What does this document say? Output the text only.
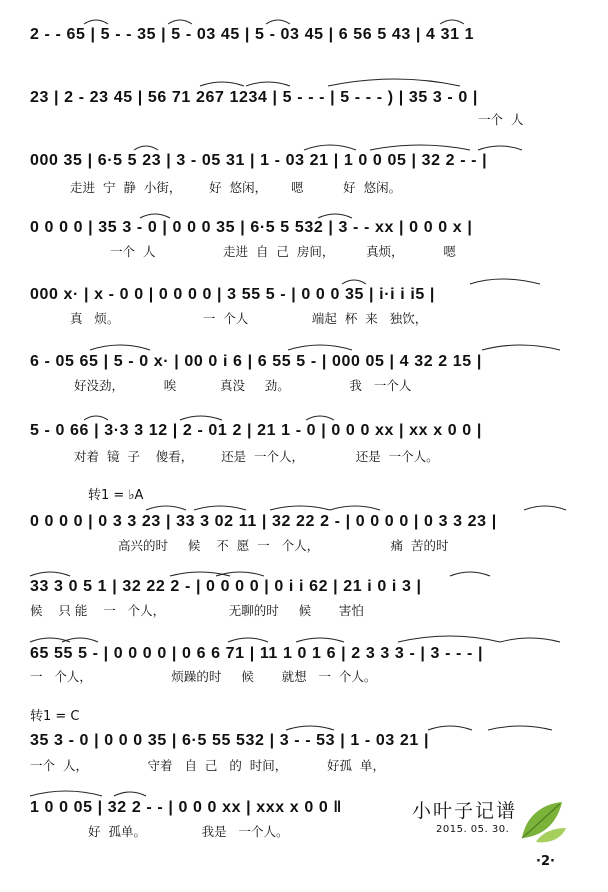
2 - - 65 | 5 - - 35 | 5 - 03 45 | 5 - 03 45 | 6 56 5 43 | 4 31 1
23 | 2 - 23 45 | 56 71 267 1234 | 5 - - - | 5 - - - ) | 35 3 - 0 |
一个  人
000 35 | 6·5 5 23 | 3 - 05 31 | 1 - 03 21 | 1 0 0 05 | 32 2 - - |
走进  宁  静  小街，       好  悠闲，      嗯          好  悠闲。
0 0 0 0 | 35 3 - 0 | 0 0 0 35 | 6·5 5 532 | 3 - - xx | 0 0 0 x |
一个  人                 走进  自  己  房间，        真烦，          嗯
000 x· | x - 0 0 | 0 0 0 0 | 3 55 5 - | 0 0 0 35 | i·i i i5 |
真   烦。                     一  个人                端起  杯  来   独饮，
6 - 05 65 | 5 - 0 x· | 00 0 i 6 | 6 55 5 - | 000 05 | 4 32 2 15 |
好没劲，          唉           真没     劲。               我   一个人
5 - 0 66 | 3·3 3 12 | 2 - 01 2 | 21 1 - 0 | 0 0 0 xx | xx x 0 0 |
对着  镜  子    傻看，       还是  一个人，             还是  一个人。
转1 = ♭A
0 0 0 0 | 0 3 3 23 | 33 3 02 11 | 32 22 2 - | 0 0 0 0 | 0 3 3 23 |
高兴的时     候    不  愿  一   个人，                  痛  苦的时
33 3 0 5 1 | 32 22 2 - | 0 0 0 0 | 0 i i 62 | 21 i 0 i 3 |
候    只 能    一   个人，                无聊的时     候       害怕
65 55 5 - | 0 0 0 0 | 0 6 6 71 | 11 1 0 1 6 | 2 3 3 3 - | 3 - - - |
一   个人，                    烦躁的时     候       就想   一  个人。
转1 = C
35 3 - 0 | 0 0 0 35 | 6·5 55 532 | 3 - - 53 | 1 - 03 21 |
一个  人，               守着   自  己   的  时间，          好孤  单，
1 0 0 05 | 32 2 - - | 0 0 0 xx | xxx x 0 0 ‖
好  孤单。              我是   一个人。
小叶子记谱
2015. 05. 30.
·2·
